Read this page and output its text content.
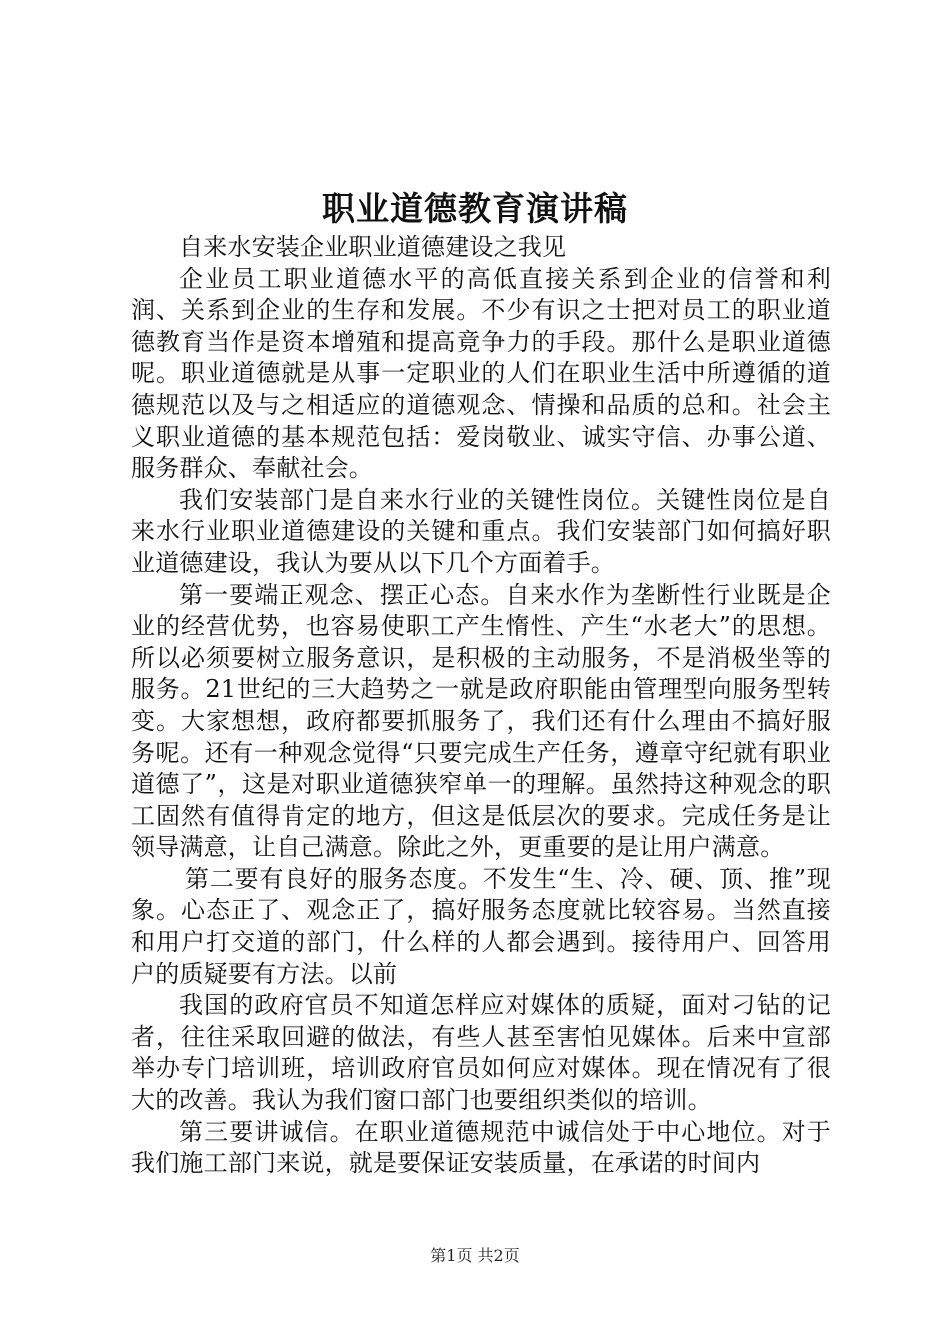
职业道德教育演讲稿

自来水安装企业职业道德建设之我见

企业员工职业道德水平的高低直接关系到企业的信誉和利润、关系到企业的生存和发展。不少有识之士把对员工的职业道德教育当作是资本增殖和提高竟争力的手段。那什么是职业道德呢。职业道德就是从事一定职业的人们在职业生活中所遵循的道德规范以及与之相适应的道德观念、情操和品质的总和。社会主义职业道德的基本规范包括：爱岗敬业、诚实守信、办事公道、服务群众、奉献社会。

我们安装部门是自来水行业的关键性岗位。关键性岗位是自来水行业职业道德建设的关键和重点。我们安装部门如何搞好职业道德建设，我认为要从以下几个方面着手。

第一要端正观念、摆正心态。自来水作为垄断性行业既是企业的经营优势，也容易使职工产生惰性、产生“水老大”的思想。所以必须要树立服务意识，是积极的主动服务，不是消极坐等的服务。21世纪的三大趋势之一就是政府职能由管理型向服务型转变。大家想想，政府都要抓服务了，我们还有什么理由不搞好服务呢。还有一种观念觉得“只要完成生产任务，遵章守纪就有职业道德了”，这是对职业道德狭窄单一的理解。虽然持这种观念的职工固然有值得肯定的地方，但这是低层次的要求。完成任务是让领导满意，让自己满意。除此之外，更重要的是让用户满意。

第二要有良好的服务态度。不发生“生、冷、硬、顶、推”现象。心态正了、观念正了，搞好服务态度就比较容易。当然直接和用户打交道的部门，什么样的人都会遇到。接待用户、回答用户的质疑要有方法。以前

我国的政府官员不知道怎样应对媒体的质疑，面对刁钻的记者，往往采取回避的做法，有些人甚至害怕见媒体。后来中宣部举办专门培训班，培训政府官员如何应对媒体。现在情况有了很大的改善。我认为我们窗口部门也要组织类似的培训。

第三要讲诚信。在职业道德规范中诚信处于中心地位。对于我们施工部门来说，就是要保证安装质量，在承诺的时间内

第1页 共2页
